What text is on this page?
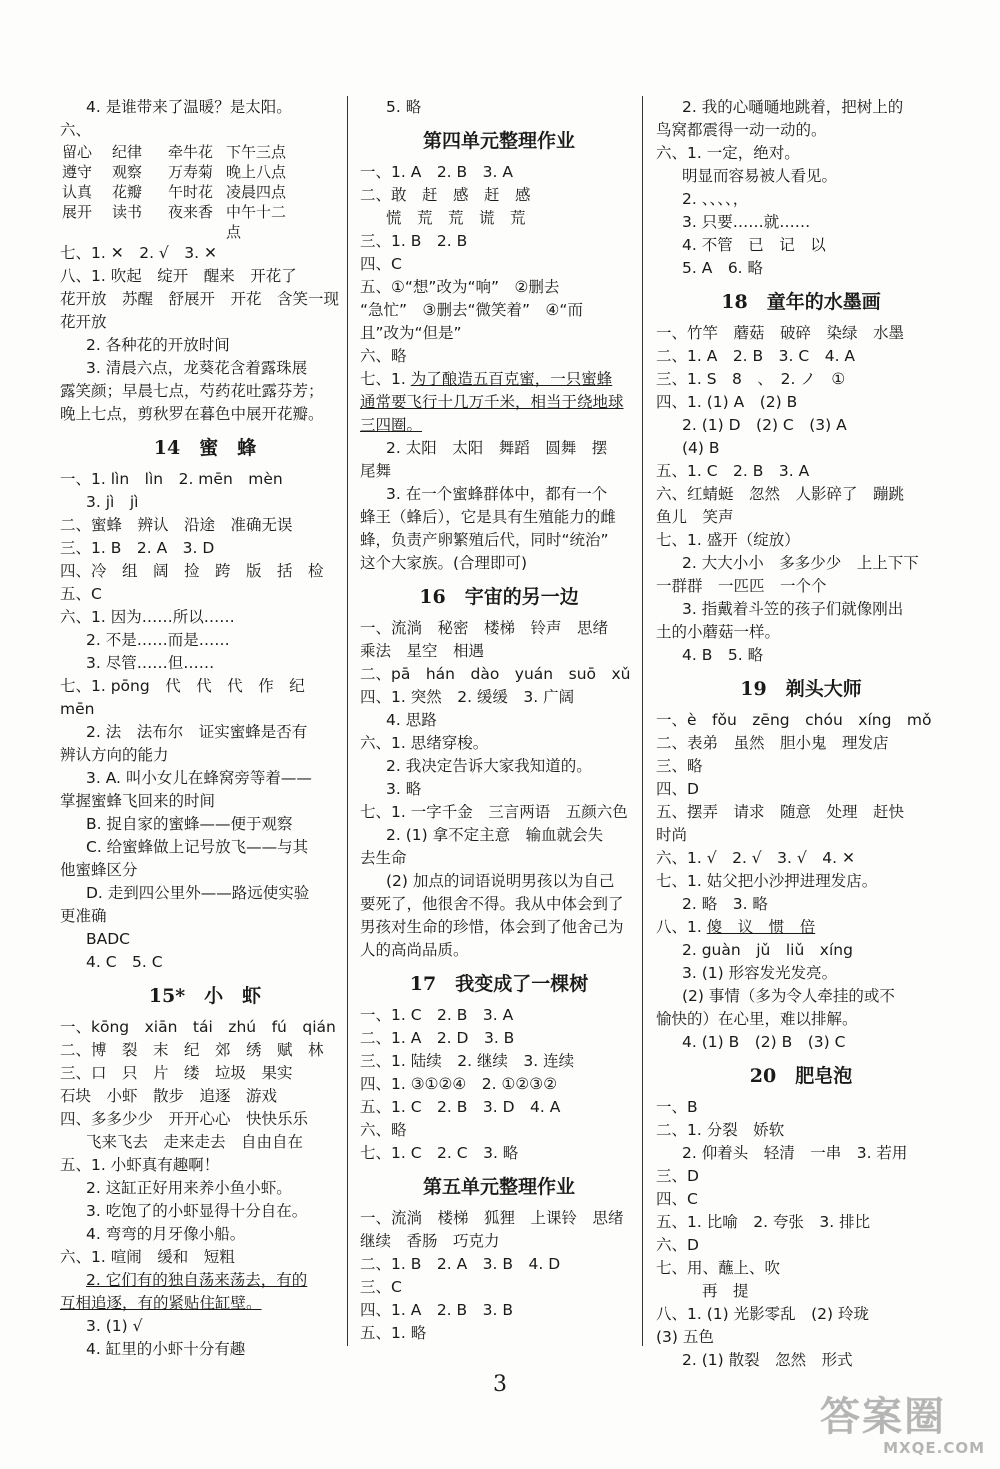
4. 是谁带来了温暖？是太阳。
六、
留心	纪律	牵牛花 下午三点
遵守	观察	万寿菊 晚上八点
认真	花瓣	午时花 凌晨四点
展开	读书	夜来香 中午十二点
七、1. ✕　2. √　3. ✕
八、1. 吹起　绽开　醒来　开花了
花开放　苏醒　舒展开　开花　含笑一现
花开放
2. 各种花的开放时间
3. 清晨六点，龙葵花含着露珠展
露笑颜；早晨七点，芍药花吐露芬芳；
晚上七点，剪秋罗在暮色中展开花瓣。
14　蜜　蜂
一、1. lìn　lìn　2. mēn　mèn
3. jì　jì
二、蜜蜂　辨认　沿途　准确无误
三、1. B　2. A　3. D
四、冷　组　阔　捡　跨　版　括　检
五、C
六、1. 因为……所以……
2. 不是……而是……
3. 尽管……但……
七、1. pōng　代　代　代　作　纪
mēn
2. 法　法布尔　证实蜜蜂是否有
辨认方向的能力
3. A. 叫小女儿在蜂窝旁等着——
掌握蜜蜂飞回来的时间
B. 捉自家的蜜蜂——便于观察
C. 给蜜蜂做上记号放飞——与其
他蜜蜂区分
D. 走到四公里外——路远使实验
更准确
BADC
4. C　5. C
15*　小　虾
一、kōng　xiān　tái　zhú　fú　qián
二、博　裂　末　纪　郊　绣　赋　林
三、口　只　片　缕　垃圾　果实
石块　小虾　散步　追逐　游戏
四、多多少少　开开心心　快快乐乐
飞来飞去　走来走去　自由自在
五、1. 小虾真有趣啊！
2. 这缸正好用来养小鱼小虾。
3. 吃饱了的小虾显得十分自在。
4. 弯弯的月牙像小船。
六、1. 喧闹　缓和　短粗
2. 它们有的独自荡来荡去，有的
互相追逐，有的紧贴住缸壁。
3. (1) √
4. 缸里的小虾十分有趣
5. 略
第四单元整理作业
一、1. A　2. B　3. A
二、敢　赶　感　赶　感
慌　荒　荒　谎　荒
三、1. B　2. B
四、C
五、①“想”改为“响”　②删去
“急忙”　③删去“微笑着”　④“而
且”改为“但是”
六、略
七、1. 为了酿造五百克蜜，一只蜜蜂
通常要飞行十几万千米，相当于绕地球
三四圈。
2. 太阳　太阳　舞蹈　圆舞　摆
尾舞
3. 在一个蜜蜂群体中，都有一个
蜂王（蜂后），它是具有生殖能力的雌
蜂，负责产卵繁殖后代，同时“统治”
这个大家族。(合理即可)
16　宇宙的另一边
一、流淌　秘密　楼梯　铃声　思绪
乘法　星空　相遇
二、pā　hán　dào　yuán　suō　xǔ
四、1. 突然　2. 缓缓　3. 广阔
4. 思路
六、1. 思绪穿梭。
2. 我决定告诉大家我知道的。
3. 略
七、1. 一字千金　三言两语　五颜六色
2. (1) 拿不定主意　输血就会失
去生命
(2) 加点的词语说明男孩以为自己
要死了，他很舍不得。我从中体会到了
男孩对生命的珍惜，体会到了他舍己为
人的高尚品质。
17　我变成了一棵树
一、1. C　2. B　3. A
二、1. A　2. D　3. B
三、1. 陆续　2. 继续　3. 连续
四、1. ③①②④　2. ①②③②
五、1. C　2. B　3. D　4. A
六、略
七、1. C　2. C　3. 略
第五单元整理作业
一、流淌　楼梯　狐狸　上课铃　思绪
继续　香肠　巧克力
二、1. B　2. A　3. B　4. D
三、C
四、1. A　2. B　3. B
五、1. 略
2. 我的心嗵嗵地跳着，把树上的
鸟窝都震得一动一动的。
六、1. 一定，绝对。
明显而容易被人看见。
2. 、、、、，
3. 只要……就……
4. 不管　已　记　以
5. A　6. 略
18　童年的水墨画
一、竹竿　蘑菇　破碎　染绿　水墨
二、1. A　2. B　3. C　4. A
三、1. S　8　、　2. ノ　①
四、1. (1) A　(2) B
2. (1) D　(2) C　(3) A
(4) B
五、1. C　2. B　3. A
六、红蜻蜓　忽然　人影碎了　蹦跳
鱼儿　笑声
七、1. 盛开（绽放）
2. 大大小小　多多少少　上上下下
一群群　一匹匹　一个个
3. 指戴着斗笠的孩子们就像刚出
土的小蘑菇一样。
4. B　5. 略
19　剃头大师
一、è　fǒu　zēng　chóu　xíng　mǒ
二、表弟　虽然　胆小鬼　理发店
三、略
四、D
五、摆弄　请求　随意　处理　赶快
时尚
六、1. √　2. √　3. √　4. ✕
七、1. 姑父把小沙押进理发店。
2. 略　3. 略
八、1. 傻　议　惯　倍
2. guàn　jǔ　liǔ　xíng
3. (1) 形容发光发亮。
(2) 事情（多为令人牵挂的或不
愉快的）在心里，难以排解。
4. (1) B　(2) B　(3) C
20　肥皂泡
一、B
二、1. 分裂　娇软
2. 仰着头　轻清　一串　3. 若用
三、D
四、C
五、1. 比喻　2. 夸张　3. 排比
六、D
七、用、蘸上、吹
再　提
八、1. (1) 光影零乱　(2) 玲珑
(3) 五色
2. (1) 散裂　忽然　形式
3
答案圈
MXQE.COM
